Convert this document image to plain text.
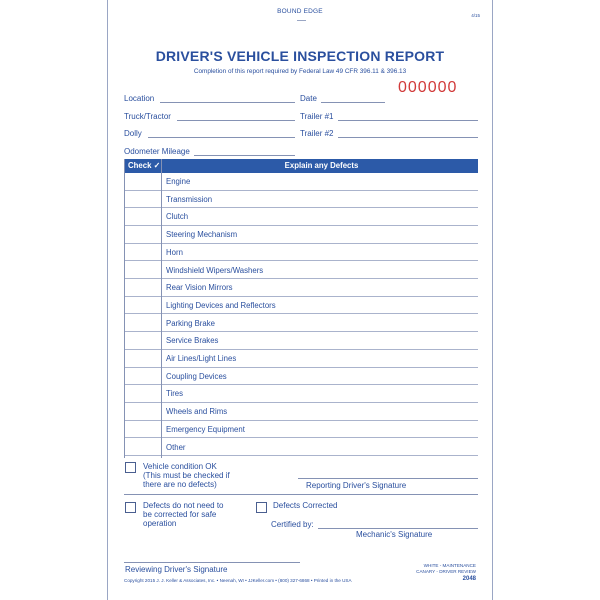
BOUND EDGE
4/15
DRIVER'S VEHICLE INSPECTION REPORT
Completion of this report required by Federal Law 49 CFR 396.11 & 396.13
000000
Location	Date
Truck/Tractor	Trailer #1
Dolly	Trailer #2
Odometer Mileage
Check ✓	Explain any Defects
Engine
Transmission
Clutch
Steering Mechanism
Horn
Windshield Wipers/Washers
Rear Vision Mirrors
Lighting Devices and Reflectors
Parking Brake
Service Brakes
Air Lines/Light Lines
Coupling Devices
Tires
Wheels and Rims
Emergency Equipment
Other
Vehicle condition OK
(This must be checked if
there are no defects)	Reporting Driver's Signature
Defects do not need to
be corrected for safe
operation
Defects Corrected
Certified by:
Mechanic's Signature
Reviewing Driver's Signature	WHITE - MAINTENANCE
CANARY - DRIVER REVIEW
Copyright 2015 J. J. Keller & Associates, Inc. • Neenah, WI • JJKeller.com • (800) 327-6868 • Printed in the USA	2048
